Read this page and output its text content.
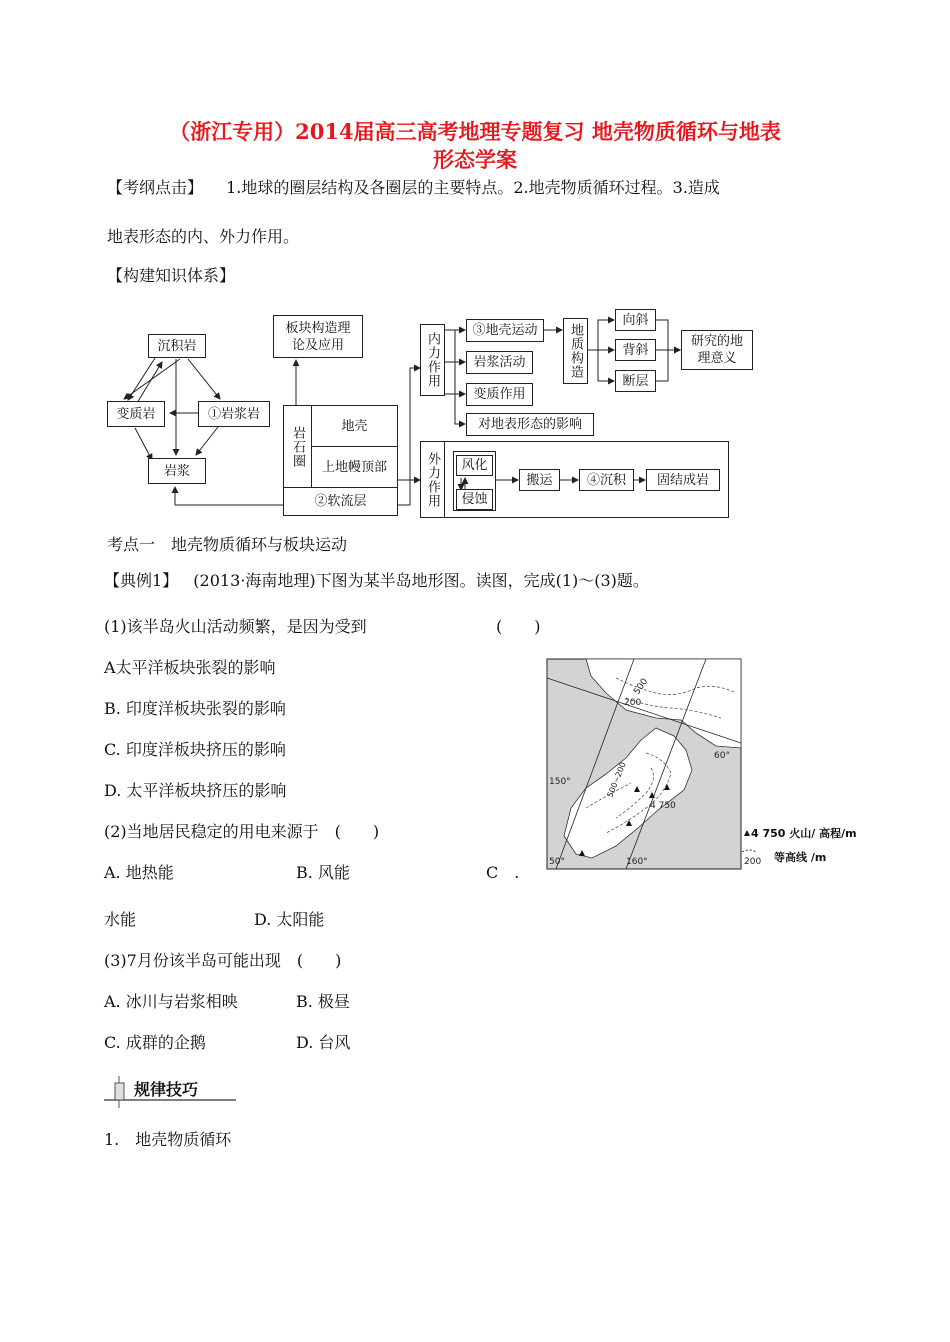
（浙江专用）2014届高三高考地理专题复习 地壳物质循环与地表
形态学案
【考纲点击】 1.地球的圈层结构及各圈层的主要特点。2.地壳物质循环过程。3.造成
地表形态的内、外力作用。
【构建知识体系】
沉积岩
变质岩	①岩浆岩
岩浆
板块构造理
论及应用
岩石圈	地壳
上地幔顶部
②软流层
内力作用
③地壳运动
岩浆活动
变质作用
对地表形态的影响
地质构造
向斜
背斜
断层
研究的地
理意义
外力作用	风化
侵蚀
搬运	④沉积	固结成岩
考点一　地壳物质循环与板块运动
【典例1】 (2013·海南地理)下图为某半岛地形图。读图，完成(1)～(3)题。
(1)该半岛火山活动频繁，是因为受到	(　　)
A太平洋板块张裂的影响
B. 印度洋板块张裂的影响
C. 印度洋板块挤压的影响
D. 太平洋板块挤压的影响
(2)当地居民稳定的用电来源于　(　　)
A. 地热能	B. 风能	C　.
水能	D. 太阳能
(3)7月份该半岛可能出现　(　　)
A. 冰川与岩浆相映	B. 极昼
C. 成群的企鹅	D. 台风
500
200
500~200
4 750
60°
150°
160°
50°
4 750 火山/ 高程/m
200 等高线 /m
规律技巧
1.　地壳物质循环
